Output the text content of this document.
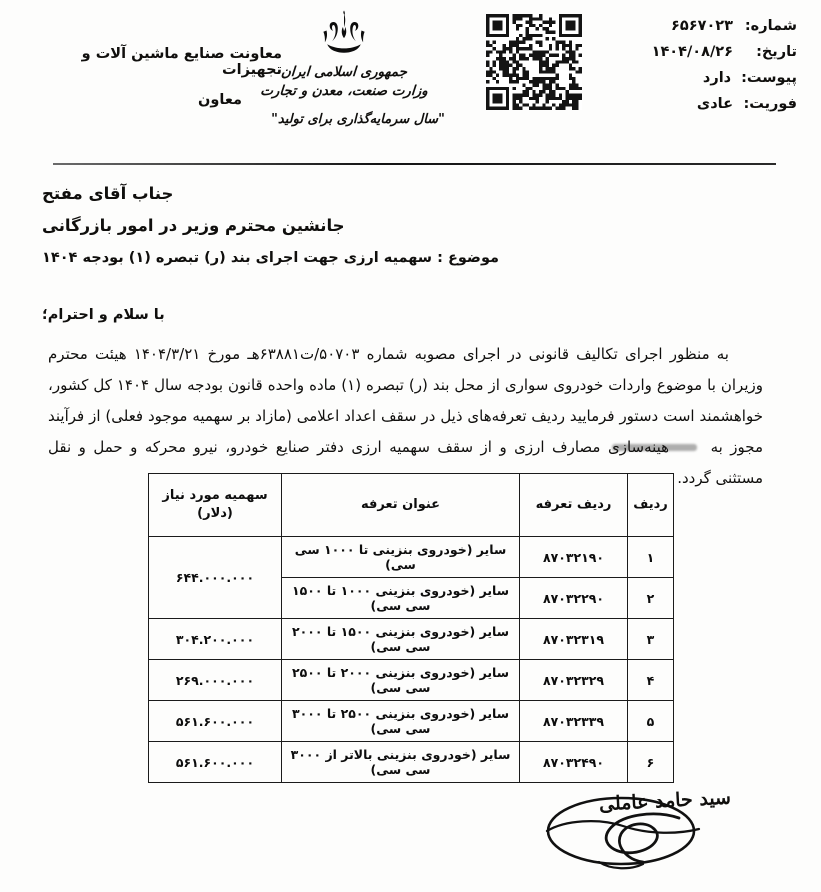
شماره:
۶۵۶۷۰۲۳
تاریخ:
۱۴۰۴/۰۸/۲۶
پیوست:
دارد
فوریت:
عادی
جمهوری اسلامی ایران
وزارت صنعت، معدن و تجارت
"سال سرمایه‌گذاری برای تولید"
معاونت صنایع ماشین آلات و تجهیزات
معاون
جناب آقای مفتح
جانشین محترم وزیر در امور بازرگانی
موضوع : سهمیه ارزی جهت اجرای بند (ر) تبصره (۱) بودجه ۱۴۰۴
با سلام و احترام؛
به منظور اجرای تکالیف قانونی در اجرای مصوبه شماره ۵۰۷۰۳/ت۶۳۸۸۱هـ مورخ ۱۴۰۴/۳/۲۱ هیئت محترم وزیران با موضوع واردات خودروی سواری از محل بند (ر) تبصره (۱) ماده واحده قانون بودجه سال ۱۴۰۴ کل کشور، خواهشمند است دستور فرمایید ردیف تعرفه‌های ذیل در سقف اعداد اعلامی (مازاد بر سهمیه موجود فعلی) از فرآیند مجوز به هینه‌سازی مصارف ارزی و از سقف سهمیه ارزی دفتر صنایع خودرو، نیرو محرکه و حمل و نقل مستثنی گردد.
ردیف	ردیف تعرفه	عنوان تعرفه	سهمیه مورد نیاز (دلار)
۱	۸۷۰۳۲۱۹۰	سایر (خودروی بنزینی تا ۱۰۰۰ سی سی)	۶۴۴.۰۰۰.۰۰۰
۲	۸۷۰۳۲۲۹۰	سایر (خودروی بنزینی ۱۰۰۰ تا ۱۵۰۰ سی سی)	
۳	۸۷۰۳۲۳۱۹	سایر (خودروی بنزینی ۱۵۰۰ تا ۲۰۰۰ سی سی)	۳۰۴.۲۰۰.۰۰۰
۴	۸۷۰۳۲۳۲۹	سایر (خودروی بنزینی ۲۰۰۰ تا ۲۵۰۰ سی سی)	۲۶۹.۰۰۰.۰۰۰
۵	۸۷۰۳۲۳۳۹	سایر (خودروی بنزینی ۲۵۰۰ تا ۳۰۰۰ سی سی)	۵۶۱.۶۰۰.۰۰۰
۶	۸۷۰۳۲۴۹۰	سایر (خودروی بنزینی بالاتر از ۳۰۰۰ سی سی)	۵۶۱.۶۰۰.۰۰۰
سید حامد عاملی
